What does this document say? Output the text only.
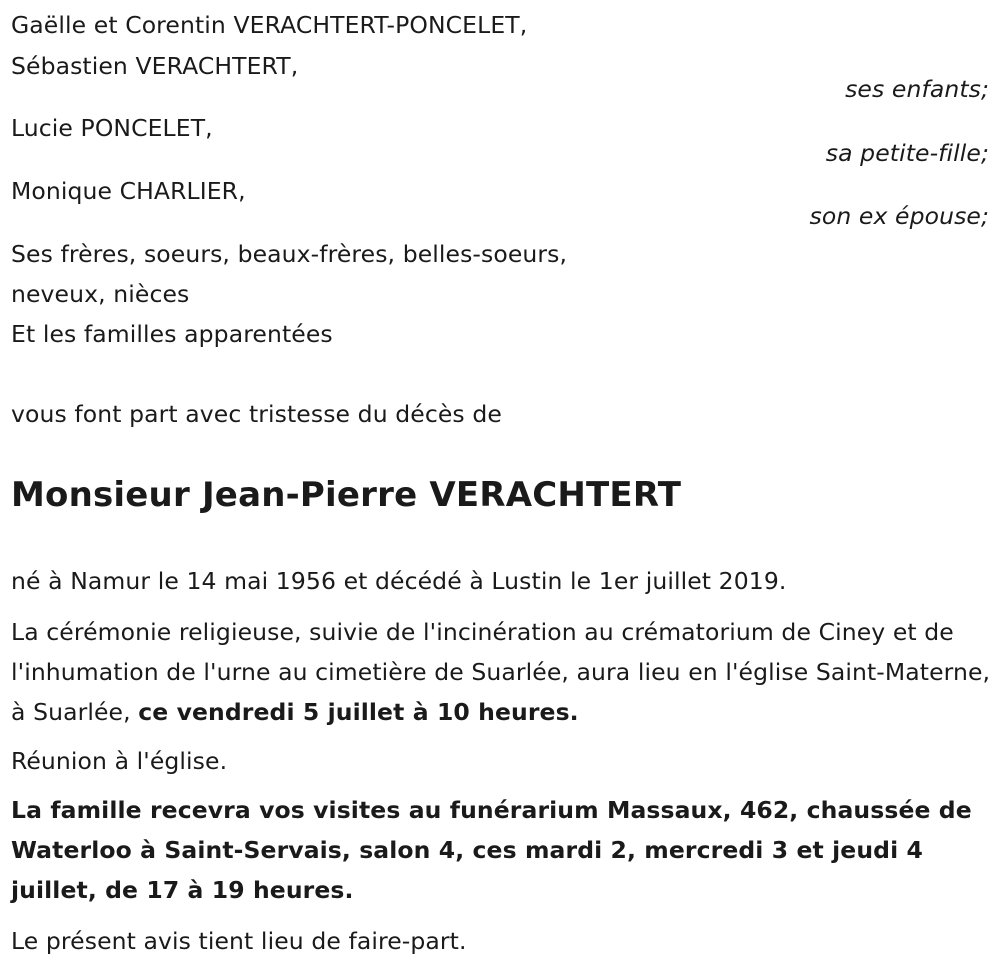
Gaëlle et Corentin VERACHTERT-PONCELET,
Sébastien VERACHTERT,
ses enfants;
Lucie PONCELET,
sa petite-fille;
Monique CHARLIER,
son ex épouse;
Ses frères, soeurs, beaux-frères, belles-soeurs,
neveux, nièces
Et les familles apparentées
vous font part avec tristesse du décès de
Monsieur Jean-Pierre VERACHTERT
né à Namur le 14 mai 1956 et décédé à Lustin le 1er juillet 2019.
La cérémonie religieuse, suivie de l'incinération au crématorium de Ciney et de l'inhumation de l'urne au cimetière de Suarlée, aura lieu en l'église Saint-Materne, à Suarlée, ce vendredi 5 juillet à 10 heures.
Réunion à l'église.
La famille recevra vos visites au funérarium Massaux, 462, chaussée de Waterloo à Saint-Servais, salon 4, ces mardi 2, mercredi 3 et jeudi 4 juillet, de 17 à 19 heures.
Le présent avis tient lieu de faire-part.
